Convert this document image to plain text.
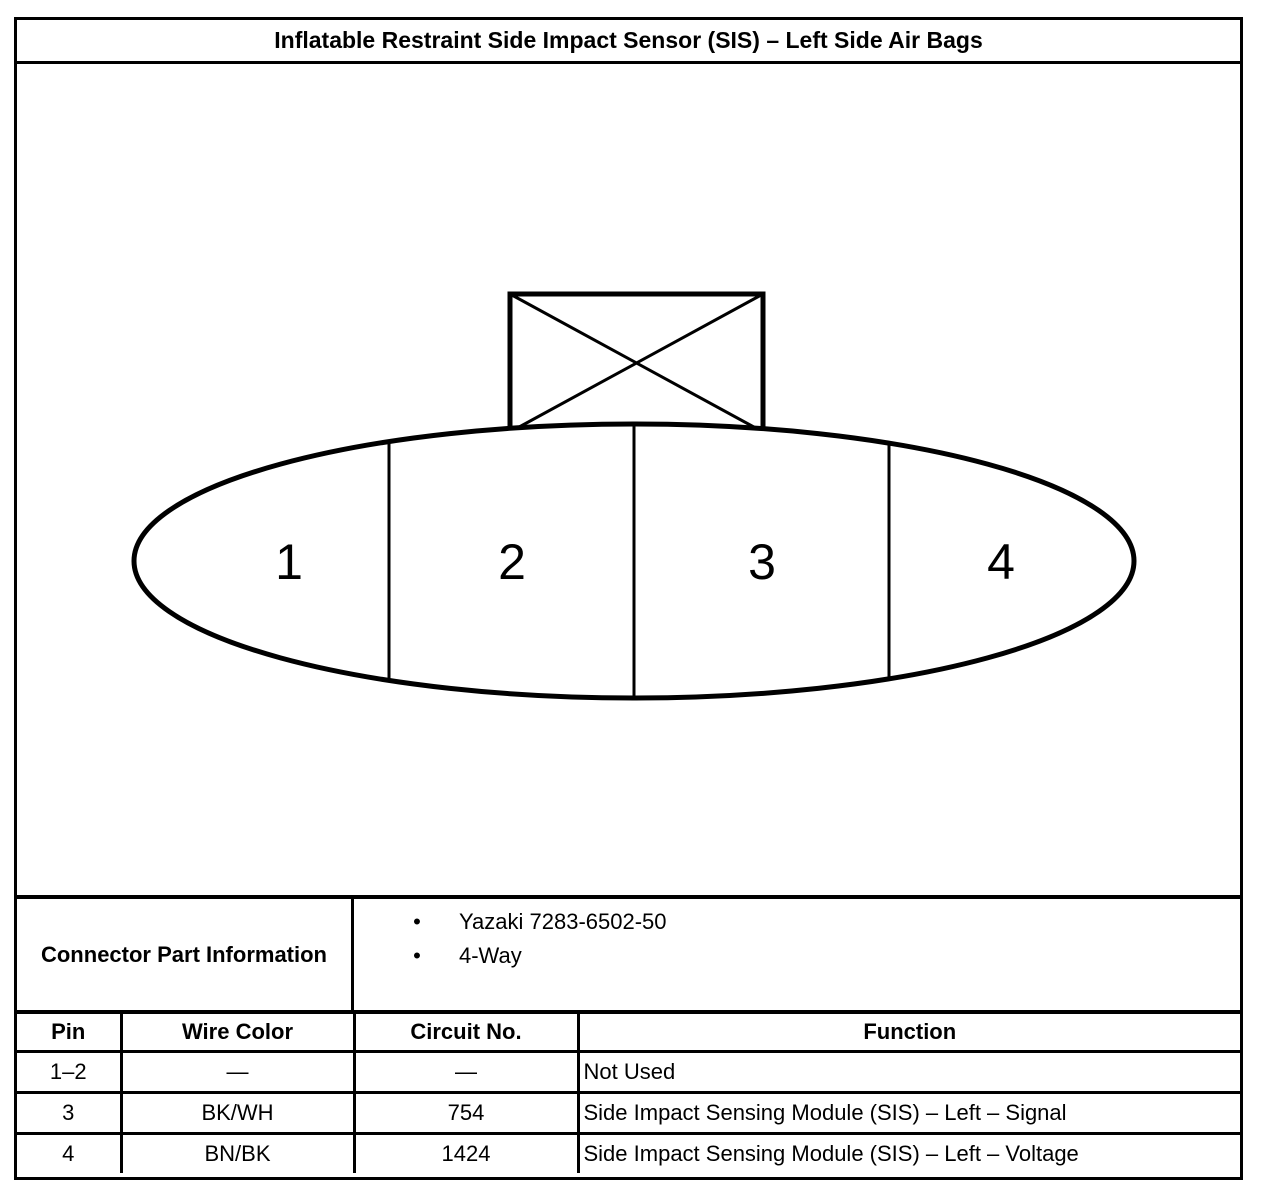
Inflatable Restraint Side Impact Sensor (SIS) – Left Side Air Bags
1	2	3	4
Connector Part Information
• Yazaki 7283-6502-50
• 4-Way
Pin	Wire Color	Circuit No.	Function
1–2	—	—	Not Used
3	BK/WH	754	Side Impact Sensing Module (SIS) – Left – Signal
4	BN/BK	1424	Side Impact Sensing Module (SIS) – Left – Voltage
